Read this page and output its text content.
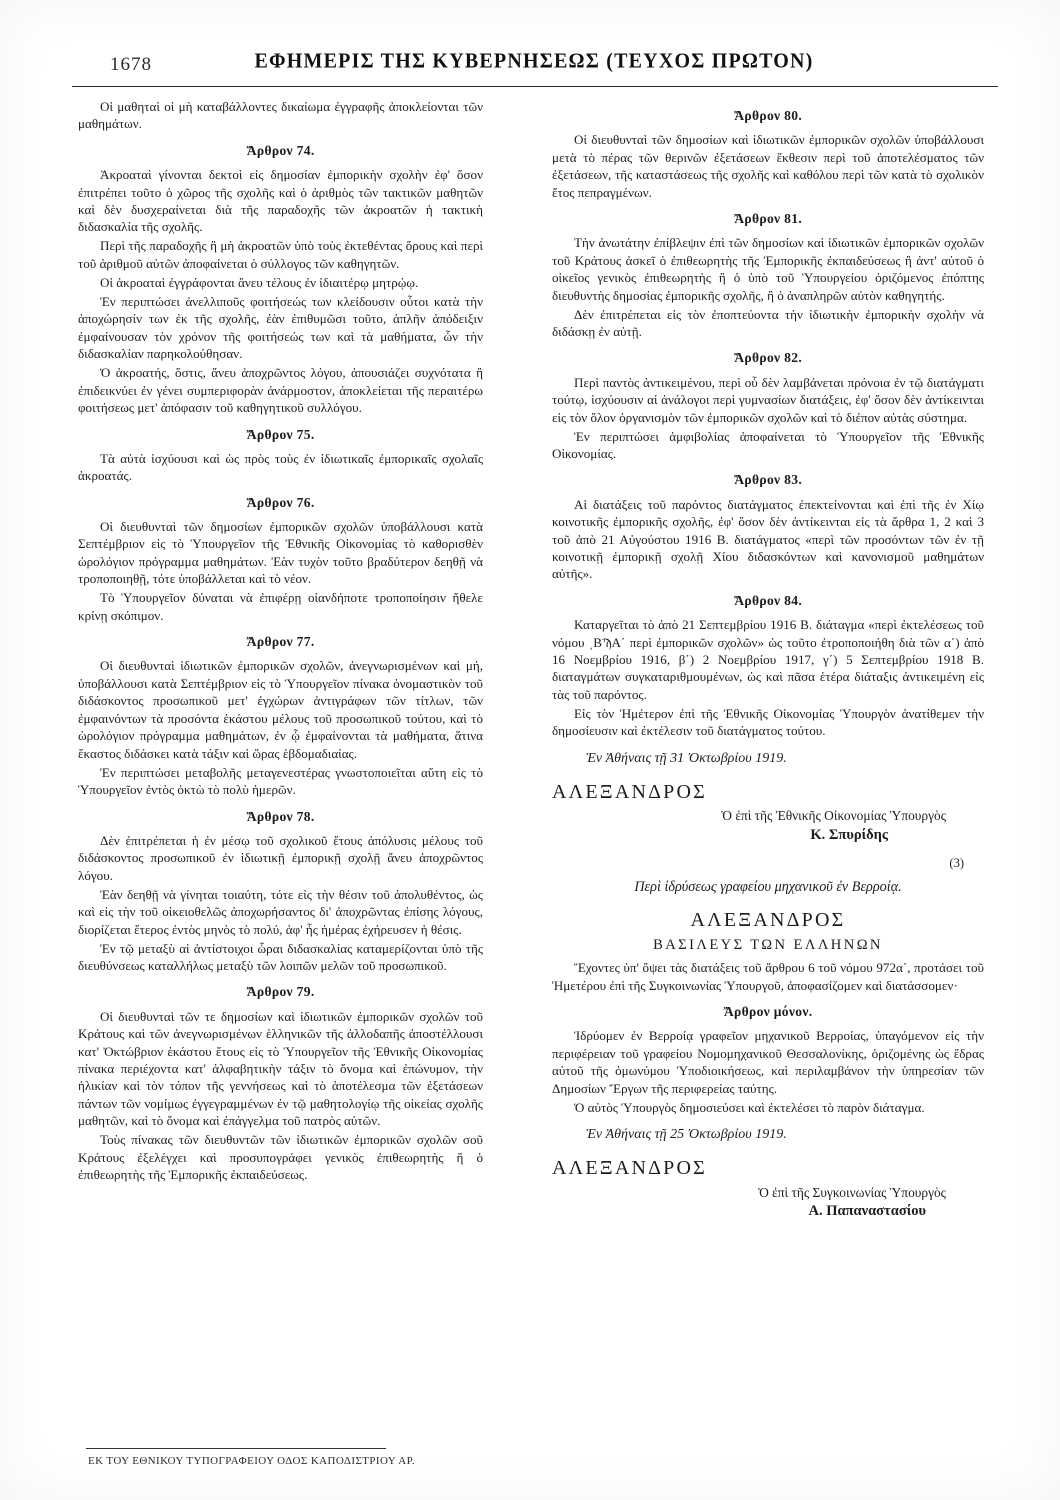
1678	ΕΦΗΜΕΡΙΣ ΤΗΣ ΚΥΒΕΡΝΗΣΕΩΣ (ΤΕΥΧΟΣ ΠΡΩΤΟΝ)

Οἱ μαθηταὶ οἱ μὴ καταβάλλοντες δικαίωμα ἐγγραφῆς ἀποκλείονται τῶν μαθημάτων.

Ἄρθρον 74.

Ἀκροαταὶ γίνονται δεκτοὶ εἰς δημοσίαν ἐμπορικὴν σχολὴν ἐφ' ὅσον ἐπιτρέπει τοῦτο ὁ χῶρος τῆς σχολῆς καὶ ὁ ἀριθμὸς τῶν τακτικῶν μαθητῶν καὶ δὲν δυσχεραίνεται διὰ τῆς παραδοχῆς τῶν ἀκροατῶν ἡ τακτικὴ διδασκαλία τῆς σχολῆς.

Περὶ τῆς παραδοχῆς ἢ μὴ ἀκροατῶν ὑπὸ τοὺς ἐκτεθέντας ὅρους καὶ περὶ τοῦ ἀριθμοῦ αὐτῶν ἀποφαίνεται ὁ σύλλογος τῶν καθηγητῶν.

Οἱ ἀκροαταὶ ἐγγράφονται ἄνευ τέλους ἐν ἰδιαιτέρῳ μητρῴῳ.

Ἐν περιπτώσει ἀνελλιποῦς φοιτήσεώς των κλείδουσιν οὗτοι κατὰ τὴν ἀποχώρησίν των ἐκ τῆς σχολῆς, ἐὰν ἐπιθυμῶσι τοῦτο, ἁπλῆν ἀπόδειξιν ἐμφαίνουσαν τὸν χρόνον τῆς φοιτήσεώς των καὶ τὰ μαθήματα, ὧν τὴν διδασκαλίαν παρηκολούθησαν.

Ὁ ἀκροατής, ὅστις, ἄνευ ἀποχρῶντος λόγου, ἀπουσιάζει συχνότατα ἢ ἐπιδεικνύει ἐν γένει συμπεριφορὰν ἀνάρμοστον, ἀποκλείεται τῆς περαιτέρω φοιτήσεως μετ' ἀπόφασιν τοῦ καθηγητικοῦ συλλόγου.

Ἄρθρον 75.

Τὰ αὐτὰ ἰσχύουσι καὶ ὡς πρὸς τοὺς ἐν ἰδιωτικαῖς ἐμπορικαῖς σχολαῖς ἀκροατάς.

Ἄρθρον 76.

Οἱ διευθυνταὶ τῶν δημοσίων ἐμπορικῶν σχολῶν ὑποβάλλουσι κατὰ Σεπτέμβριον εἰς τὸ Ὑπουργεῖον τῆς Ἐθνικῆς Οἰκονομίας τὸ καθορισθὲν ὡρολόγιον πρόγραμμα μαθημάτων. Ἐὰν τυχὸν τοῦτο βραδύτερον δεηθῇ νὰ τροποποιηθῇ, τότε ὑποβάλλεται καὶ τὸ νέον.

Τὸ Ὑπουργεῖον δύναται νὰ ἐπιφέρῃ οἱανδήποτε τροποποίησιν ἤθελε κρίνῃ σκόπιμον.

Ἄρθρον 77.

Οἱ διευθυνταὶ ἰδιωτικῶν ἐμπορικῶν σχολῶν, ἀνεγνωρισμένων καὶ μή, ὑποβάλλουσι κατὰ Σεπτέμβριον εἰς τὸ Ὑπουργεῖον πίνακα ὀνομαστικὸν τοῦ διδάσκοντος προσωπικοῦ μετ' ἐγχώρων ἀντιγράφων τῶν τίτλων, τῶν ἐμφαινόντων τὰ προσόντα ἑκάστου μέλους τοῦ προσωπικοῦ τούτου, καὶ τὸ ὡρολόγιον πρόγραμμα μαθημάτων, ἐν ᾧ ἐμφαίνονται τὰ μαθήματα, ἅτινα ἕκαστος διδάσκει κατὰ τάξιν καὶ ὥρας ἑβδομαδιαίας.

Ἐν περιπτώσει μεταβολῆς μεταγενεστέρας γνωστοποιεῖται αὕτη εἰς τὸ Ὑπουργεῖον ἐντὸς ὀκτὼ τὸ πολὺ ἡμερῶν.

Ἄρθρον 78.

Δὲν ἐπιτρέπεται ἡ ἐν μέσῳ τοῦ σχολικοῦ ἔτους ἀπόλυσις μέλους τοῦ διδάσκοντος προσωπικοῦ ἐν ἰδιωτικῇ ἐμπορικῇ σχολῇ ἄνευ ἀποχρῶντος λόγου.

Ἐὰν δεηθῇ νὰ γίνηται τοιαύτη, τότε εἰς τὴν θέσιν τοῦ ἀπολυθέντος, ὡς καὶ εἰς τὴν τοῦ οἰκειοθελῶς ἀποχωρήσαντος δι' ἀποχρῶντας ἐπίσης λόγους, διορίζεται ἕτερος ἐντὸς μηνὸς τὸ πολύ, ἀφ' ἧς ἡμέρας ἐχήρευσεν ἡ θέσις.

Ἐν τῷ μεταξὺ αἱ ἀντίστοιχοι ὧραι διδασκαλίας καταμερίζονται ὑπὸ τῆς διευθύνσεως καταλλήλως μεταξὺ τῶν λοιπῶν μελῶν τοῦ προσωπικοῦ.

Ἄρθρον 79.

Οἱ διευθυνταὶ τῶν τε δημοσίων καὶ ἰδιωτικῶν ἐμπορικῶν σχολῶν τοῦ Κράτους καὶ τῶν ἀνεγνωρισμένων ἑλληνικῶν τῆς ἀλλοδαπῆς ἀποστέλλουσι κατ' Ὀκτώβριον ἑκάστου ἔτους εἰς τὸ Ὑπουργεῖον τῆς Ἐθνικῆς Οἰκονομίας πίνακα περιέχοντα κατ' ἀλφαβητικὴν τάξιν τὸ ὄνομα καὶ ἐπώνυμον, τὴν ἡλικίαν καὶ τὸν τόπον τῆς γεννήσεως καὶ τὸ ἀποτέλεσμα τῶν ἐξετάσεων πάντων τῶν νομίμως ἐγγεγραμμένων ἐν τῷ μαθητολογίῳ τῆς οἰκείας σχολῆς μαθητῶν, καὶ τὸ ὄνομα καὶ ἐπάγγελμα τοῦ πατρὸς αὐτῶν.

Τοὺς πίνακας τῶν διευθυντῶν τῶν ἰδιωτικῶν ἐμπορικῶν σχολῶν σοῦ Κράτους ἐξελέγχει καὶ προσυπογράφει γενικὸς ἐπιθεωρητὴς ἢ ὁ ἐπιθεωρητὴς τῆς Ἐμπορικῆς ἐκπαιδεύσεως.

Ἄρθρον 80.

Οἱ διευθυνταὶ τῶν δημοσίων καὶ ἰδιωτικῶν ἐμπορικῶν σχολῶν ὑποβάλλουσι μετὰ τὸ πέρας τῶν θερινῶν ἐξετάσεων ἔκθεσιν περὶ τοῦ ἀποτελέσματος τῶν ἐξετάσεων, τῆς καταστάσεως τῆς σχολῆς καὶ καθόλου περὶ τῶν κατὰ τὸ σχολικὸν ἔτος πεπραγμένων.

Ἄρθρον 81.

Τὴν ἀνωτάτην ἐπίβλεψιν ἐπὶ τῶν δημοσίων καὶ ἰδιωτικῶν ἐμπορικῶν σχολῶν τοῦ Κράτους ἀσκεῖ ὁ ἐπιθεωρητὴς τῆς Ἐμπορικῆς ἐκπαιδεύσεως ἢ ἀντ' αὐτοῦ ὁ οἰκεῖος γενικὸς ἐπιθεωρητὴς ἢ ὁ ὑπὸ τοῦ Ὑπουργείου ὁριζόμενος ἐπόπτης διευθυντὴς δημοσίας ἐμπορικῆς σχολῆς, ἢ ὁ ἀναπληρῶν αὐτὸν καθηγητής.

Δὲν ἐπιτρέπεται εἰς τὸν ἐποπτεύοντα τὴν ἰδιωτικὴν ἐμπορικὴν σχολὴν νὰ διδάσκῃ ἐν αὐτῇ.

Ἄρθρον 82.

Περὶ παντὸς ἀντικειμένου, περὶ οὗ δὲν λαμβάνεται πρόνοια ἐν τῷ διατάγματι τούτῳ, ἰσχύουσιν αἱ ἀνάλογοι περὶ γυμνασίων διατάξεις, ἐφ' ὅσον δὲν ἀντίκεινται εἰς τὸν ὅλον ὀργανισμὸν τῶν ἐμπορικῶν σχολῶν καὶ τὸ διέπον αὐτὰς σύστημα.

Ἐν περιπτώσει ἀμφιβολίας ἀποφαίνεται τὸ Ὑπουργεῖον τῆς Ἐθνικῆς Οἰκονομίας.

Ἄρθρον 83.

Αἱ διατάξεις τοῦ παρόντος διατάγματος ἐπεκτείνονται καὶ ἐπὶ τῆς ἐν Χίῳ κοινοτικῆς ἐμπορικῆς σχολῆς, ἐφ' ὅσον δὲν ἀντίκεινται εἰς τὰ ἄρθρα 1, 2 καὶ 3 τοῦ ἀπὸ 21 Αὐγούστου 1916 Β. διατάγματος «περὶ τῶν προσόντων τῶν ἐν τῇ κοινοτικῇ ἐμπορικῇ σχολῇ Χίου διδασκόντων καὶ κανονισμοῦ μαθημάτων αὐτῆς».

Ἄρθρον 84.

Καταργεῖται τὸ ἀπὸ 21 Σεπτεμβρίου 1916 Β. διάταγμα «περὶ ἐκτελέσεως τοῦ νόμου ͵ΒϠΑ΄ περὶ ἐμπορικῶν σχολῶν» ὡς τοῦτο ἐτροποποιήθη διὰ τῶν α΄) ἀπὸ 16 Νοεμβρίου 1916, β΄) 2 Νοεμβρίου 1917, γ΄) 5 Σεπτεμβρίου 1918 Β. διαταγμάτων συγκαταριθμουμένων, ὡς καὶ πᾶσα ἑτέρα διάταξις ἀντικειμένη εἰς τὰς τοῦ παρόντος.

Εἰς τὸν Ἡμέτερον ἐπὶ τῆς Ἐθνικῆς Οἰκονομίας Ὑπουργὸν ἀνατίθεμεν τὴν δημοσίευσιν καὶ ἐκτέλεσιν τοῦ διατάγματος τούτου.

Ἐν Ἀθήναις τῇ 31 Ὀκτωβρίου 1919.

ΑΛΕΞΑΝΔΡΟΣ

Ὁ ἐπὶ τῆς Ἐθνικῆς Οἰκονομίας Ὑπουργὸς

Κ. Σπυρίδης

(3)

Περὶ ἱδρύσεως γραφείου μηχανικοῦ ἐν Βερροίᾳ.

ΑΛΕΞΑΝΔΡΟΣ

ΒΑΣΙΛΕΥΣ ΤΩΝ ΕΛΛΗΝΩΝ

Ἔχοντες ὑπ' ὄψει τὰς διατάξεις τοῦ ἄρθρου 6 τοῦ νόμου 972α΄, προτάσει τοῦ Ἡμετέρου ἐπὶ τῆς Συγκοινωνίας Ὑπουργοῦ, ἀποφασίζομεν καὶ διατάσσομεν·

Ἄρθρον μόνον.

Ἱδρύομεν ἐν Βερροίᾳ γραφεῖον μηχανικοῦ Βερροίας, ὑπαγόμενον εἰς τὴν περιφέρειαν τοῦ γραφείου Νομομηχανικοῦ Θεσσαλονίκης, ὁριζομένης ὡς ἕδρας αὐτοῦ τῆς ὁμωνύμου Ὑποδιοικήσεως, καὶ περιλαμβάνον τὴν ὑπηρεσίαν τῶν Δημοσίων Ἔργων τῆς περιφερείας ταύτης.

Ὁ αὐτὸς Ὑπουργὸς δημοσιεύσει καὶ ἐκτελέσει τὸ παρὸν διάταγμα.

Ἐν Ἀθήναις τῇ 25 Ὀκτωβρίου 1919.

ΑΛΕΞΑΝΔΡΟΣ

Ὁ ἐπὶ τῆς Συγκοινωνίας Ὑπουργὸς

Α. Παπαναστασίου

ΕΚ ΤΟΥ ΕΘΝΙΚΟΥ ΤΥΠΟΓΡΑΦΕΙΟΥ ΟΔΟΣ ΚΑΠΟΔΙΣΤΡΙΟΥ ΑΡ.
